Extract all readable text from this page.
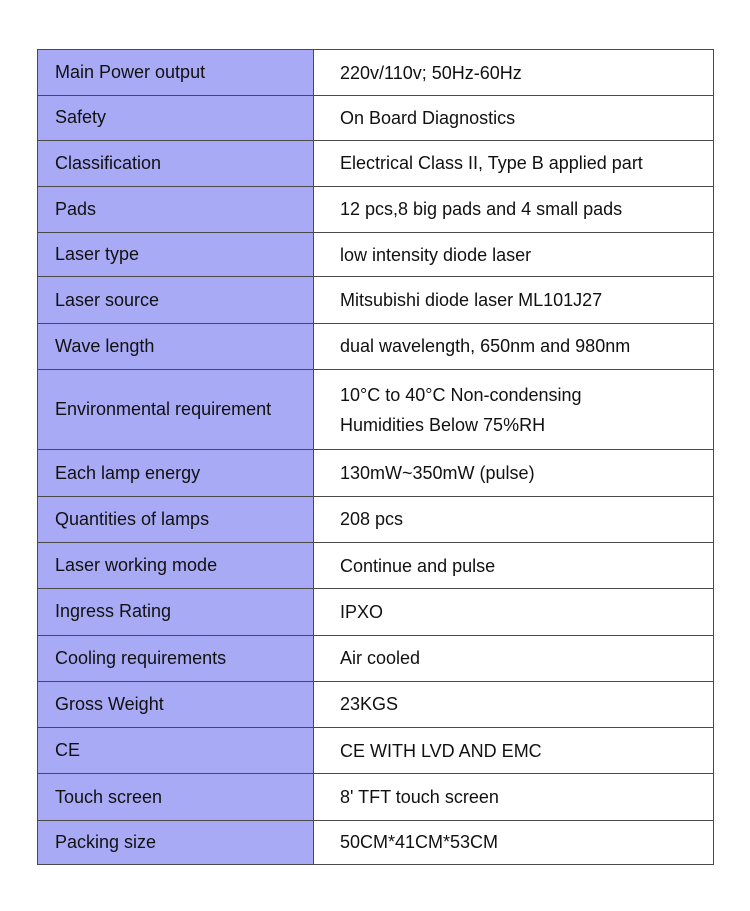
Main Power output	220v/110v; 50Hz-60Hz

Safety	On Board Diagnostics

Classification	Electrical Class II, Type B applied part

Pads	12 pcs,8 big pads and 4 small pads

Laser type	low intensity diode laser

Laser source	Mitsubishi diode laser ML101J27

Wave length	dual wavelength, 650nm and 980nm

Environmental requirement	10°C to 40°C Non-condensing
Humidities Below 75%RH

Each lamp energy	130mW~350mW (pulse)

Quantities of lamps	208 pcs

Laser working mode	Continue and pulse

Ingress Rating	IPXO

Cooling requirements	Air cooled

Gross Weight	23KGS

CE	CE WITH LVD AND EMC

Touch screen	8' TFT touch screen

Packing size	50CM*41CM*53CM
